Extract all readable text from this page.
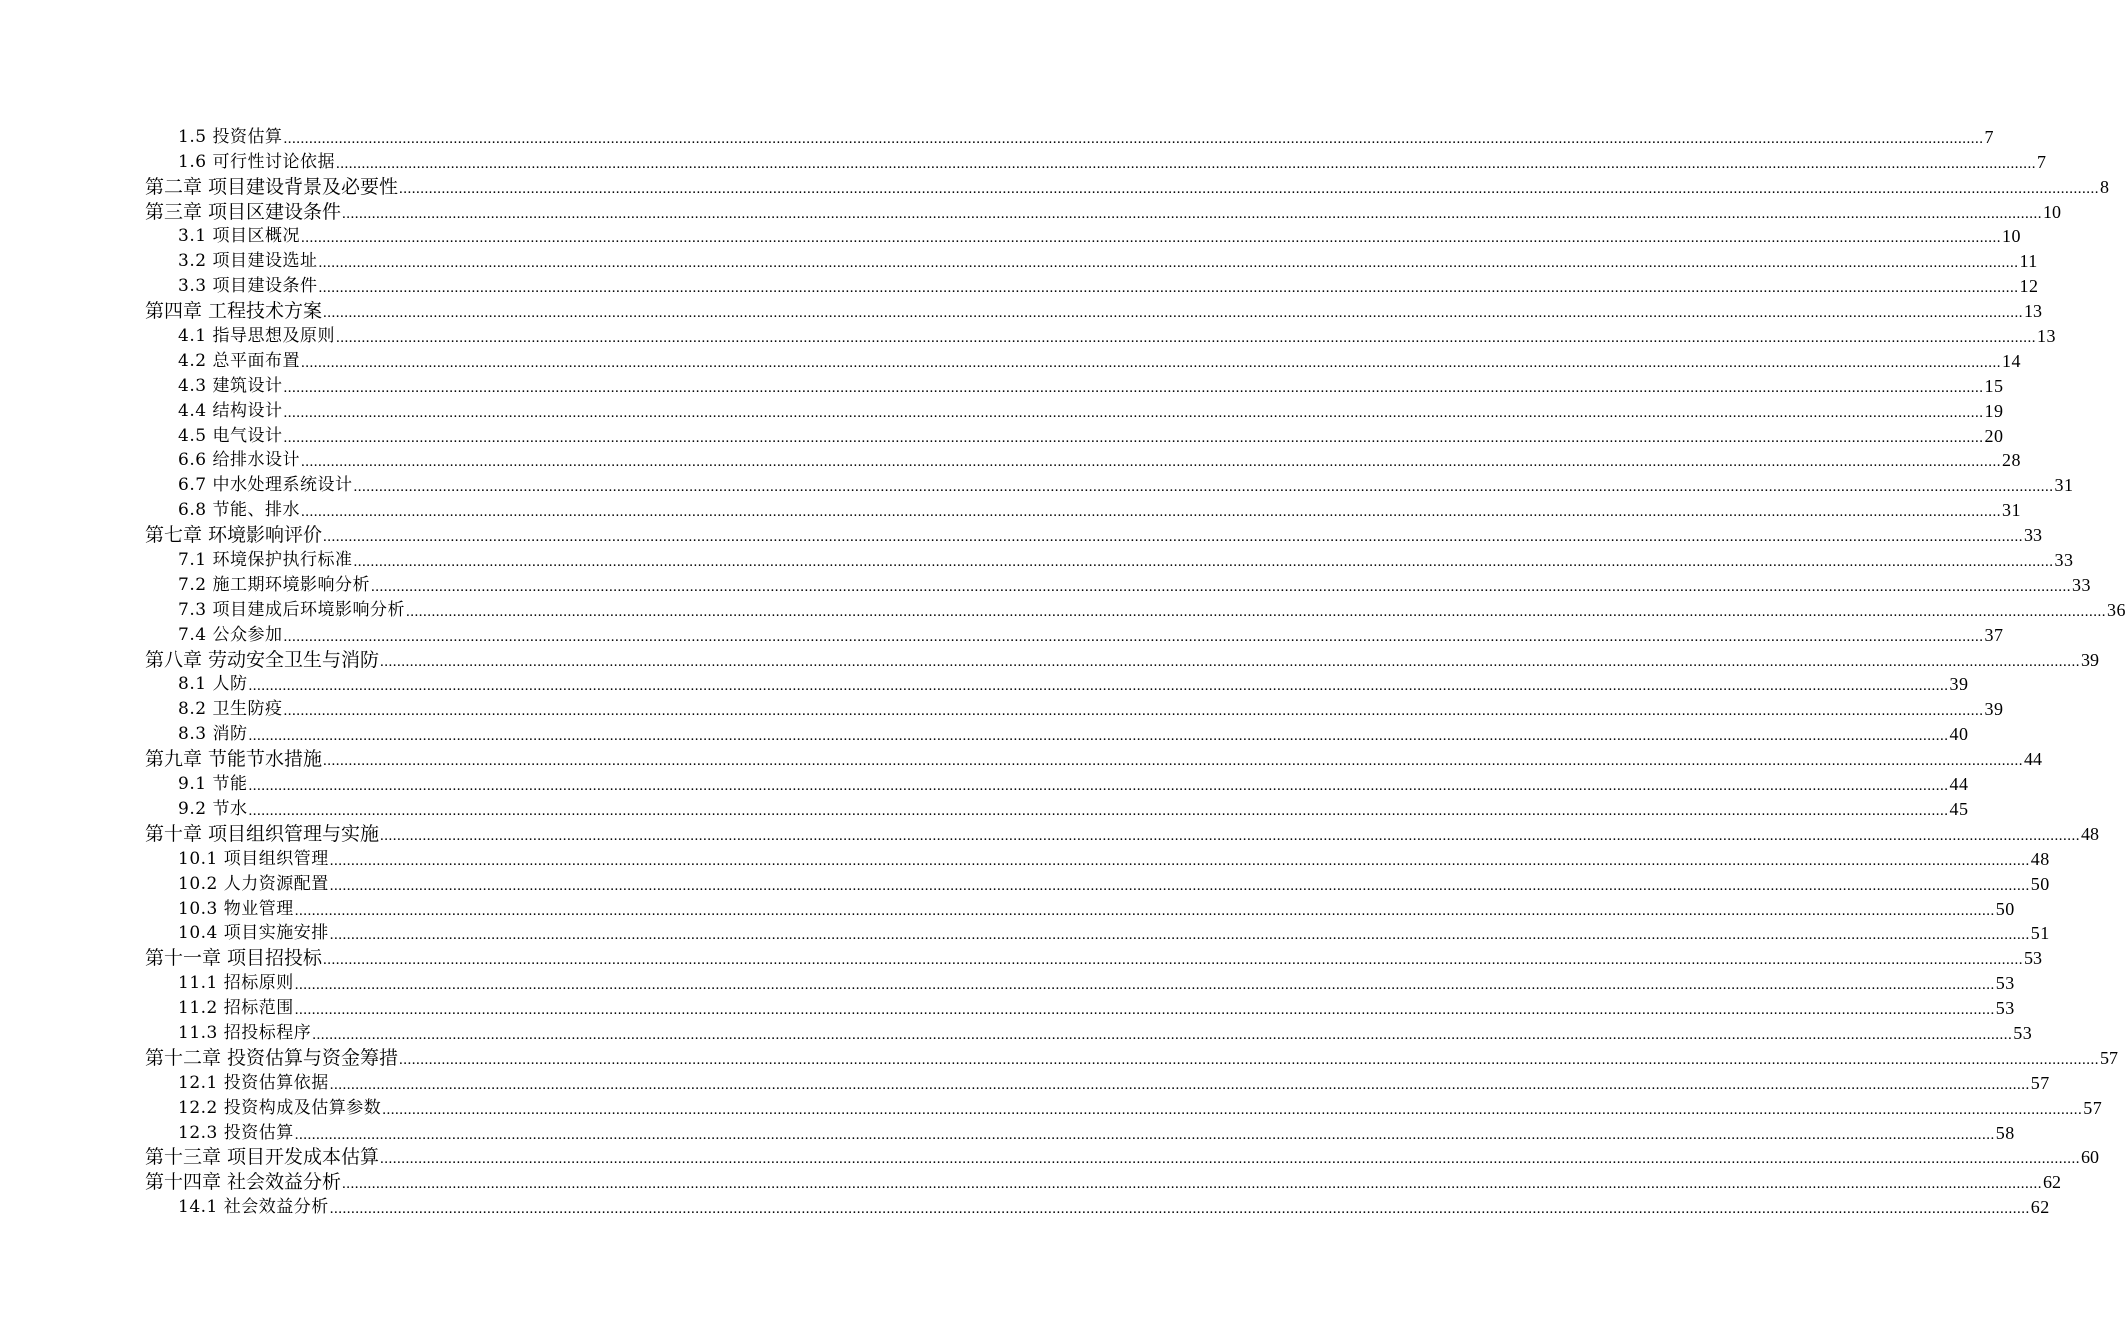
1.5 投资估算 ................................................................................................................................................................................................................................................................................................................................................................................................................ 7
1.6 可行性讨论依据 ................................................................................................................................................................................................................................................................................................................................................................................................................ 7
第二章 项目建设背景及必要性 ................................................................................................................................................................................................................................................................................................................................................................................................................ 8
第三章 项目区建设条件 ................................................................................................................................................................................................................................................................................................................................................................................................................ 10
3.1 项目区概况 ................................................................................................................................................................................................................................................................................................................................................................................................................ 10
3.2 项目建设选址 ................................................................................................................................................................................................................................................................................................................................................................................................................ 11
3.3 项目建设条件 ................................................................................................................................................................................................................................................................................................................................................................................................................ 12
第四章 工程技术方案 ................................................................................................................................................................................................................................................................................................................................................................................................................ 13
4.1 指导思想及原则 ................................................................................................................................................................................................................................................................................................................................................................................................................ 13
4.2 总平面布置 ................................................................................................................................................................................................................................................................................................................................................................................................................ 14
4.3 建筑设计 ................................................................................................................................................................................................................................................................................................................................................................................................................ 15
4.4 结构设计 ................................................................................................................................................................................................................................................................................................................................................................................................................ 19
4.5 电气设计 ................................................................................................................................................................................................................................................................................................................................................................................................................ 20
6.6 给排水设计 ................................................................................................................................................................................................................................................................................................................................................................................................................ 28
6.7 中水处理系统设计 ................................................................................................................................................................................................................................................................................................................................................................................................................ 31
6.8 节能、排水 ................................................................................................................................................................................................................................................................................................................................................................................................................ 31
第七章 环境影响评价 ................................................................................................................................................................................................................................................................................................................................................................................................................ 33
7.1 环境保护执行标准 ................................................................................................................................................................................................................................................................................................................................................................................................................ 33
7.2 施工期环境影响分析 ................................................................................................................................................................................................................................................................................................................................................................................................................ 33
7.3 项目建成后环境影响分析 ................................................................................................................................................................................................................................................................................................................................................................................................................ 36
7.4 公众参加 ................................................................................................................................................................................................................................................................................................................................................................................................................ 37
第八章 劳动安全卫生与消防 ................................................................................................................................................................................................................................................................................................................................................................................................................ 39
8.1 人防 ................................................................................................................................................................................................................................................................................................................................................................................................................ 39
8.2 卫生防疫 ................................................................................................................................................................................................................................................................................................................................................................................................................ 39
8.3 消防 ................................................................................................................................................................................................................................................................................................................................................................................................................ 40
第九章 节能节水措施 ................................................................................................................................................................................................................................................................................................................................................................................................................ 44
9.1 节能 ................................................................................................................................................................................................................................................................................................................................................................................................................ 44
9.2 节水 ................................................................................................................................................................................................................................................................................................................................................................................................................ 45
第十章 项目组织管理与实施 ................................................................................................................................................................................................................................................................................................................................................................................................................ 48
10.1 项目组织管理 ................................................................................................................................................................................................................................................................................................................................................................................................................ 48
10.2 人力资源配置 ................................................................................................................................................................................................................................................................................................................................................................................................................ 50
10.3 物业管理 ................................................................................................................................................................................................................................................................................................................................................................................................................ 50
10.4 项目实施安排 ................................................................................................................................................................................................................................................................................................................................................................................................................ 51
第十一章 项目招投标 ................................................................................................................................................................................................................................................................................................................................................................................................................ 53
11.1 招标原则 ................................................................................................................................................................................................................................................................................................................................................................................................................ 53
11.2 招标范围 ................................................................................................................................................................................................................................................................................................................................................................................................................ 53
11.3 招投标程序 ................................................................................................................................................................................................................................................................................................................................................................................................................ 53
第十二章 投资估算与资金筹措 ................................................................................................................................................................................................................................................................................................................................................................................................................ 57
12.1 投资估算依据 ................................................................................................................................................................................................................................................................................................................................................................................................................ 57
12.2 投资构成及估算参数 ................................................................................................................................................................................................................................................................................................................................................................................................................ 57
12.3 投资估算 ................................................................................................................................................................................................................................................................................................................................................................................................................ 58
第十三章 项目开发成本估算 ................................................................................................................................................................................................................................................................................................................................................................................................................ 60
第十四章 社会效益分析 ................................................................................................................................................................................................................................................................................................................................................................................................................ 62
14.1 社会效益分析 ................................................................................................................................................................................................................................................................................................................................................................................................................ 62
